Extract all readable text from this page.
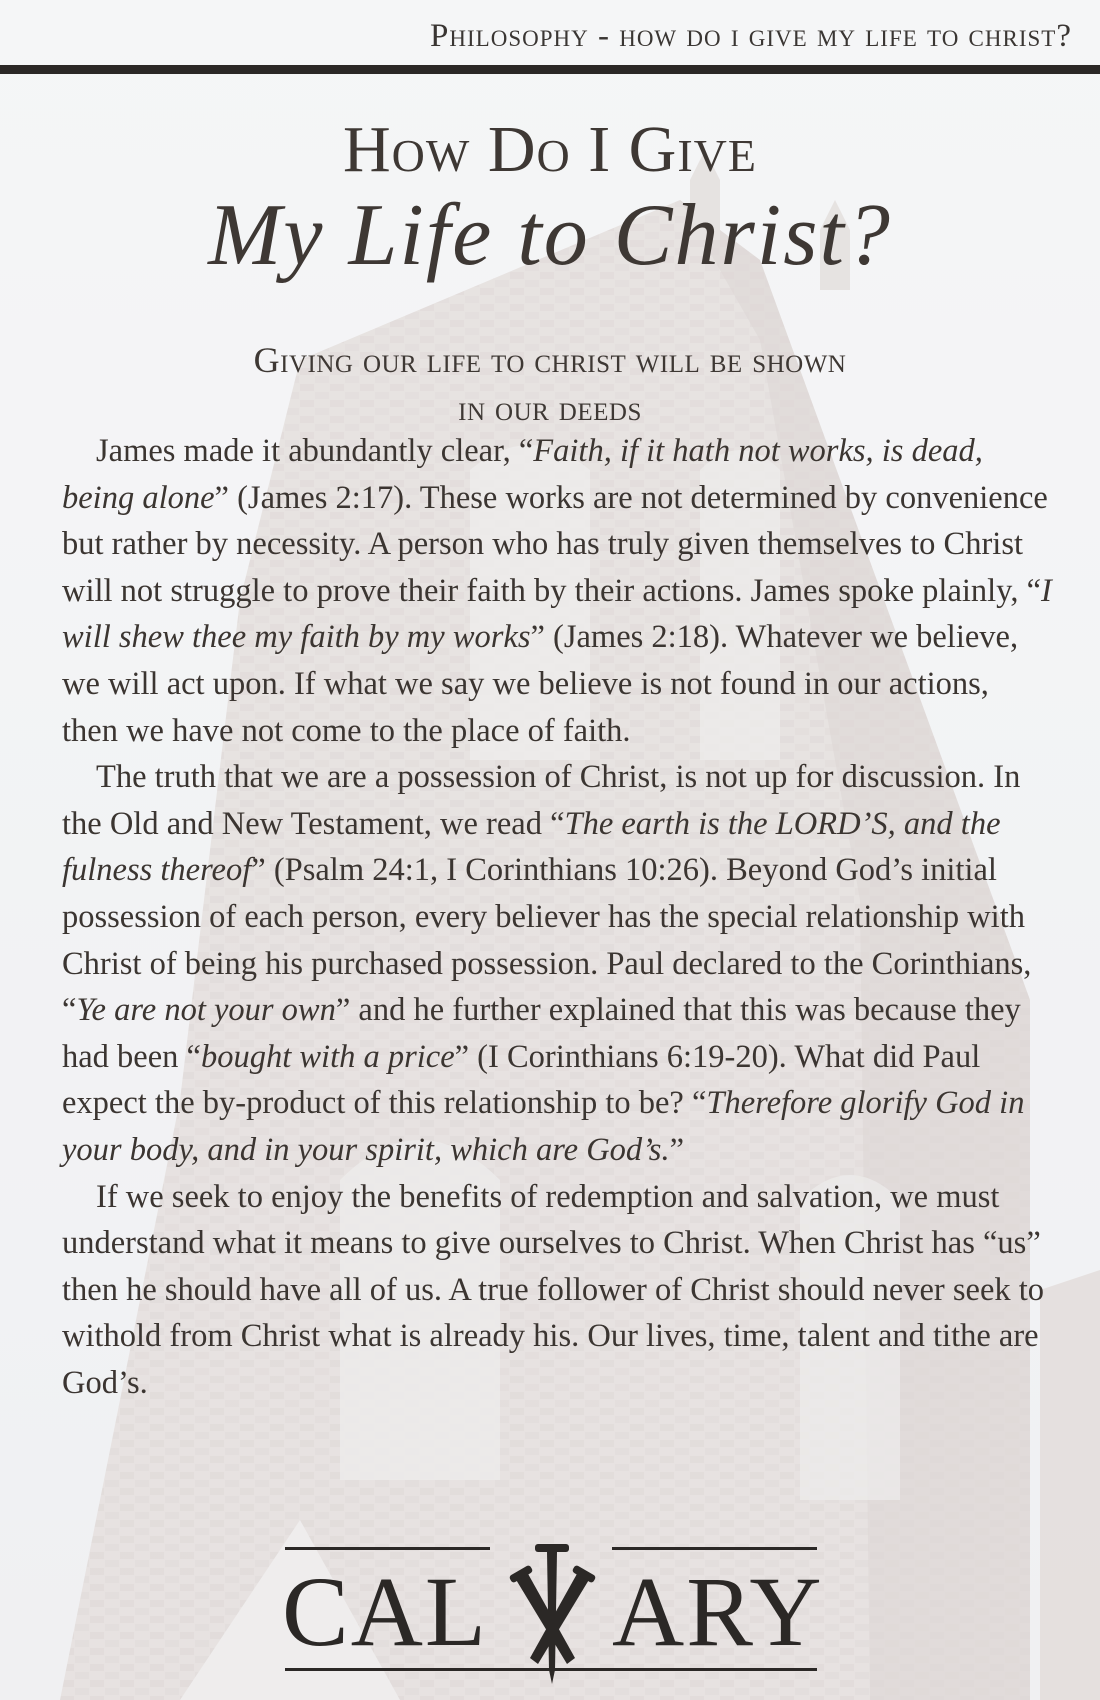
Philosophy - how do i give my life to christ?
How Do I Give
My Life to Christ?
Giving our life to christ will be shown
in our deeds

James made it abundantly clear, “Faith, if it hath not works, is dead, being alone” (James 2:17). These works are not determined by convenience but rather by necessity. A person who has truly given themselves to Christ will not struggle to prove their faith by their actions. James spoke plainly, “I will shew thee my faith by my works” (James 2:18). Whatever we believe, we will act upon. If what we say we believe is not found in our actions, then we have not come to the place of faith.

The truth that we are a possession of Christ, is not up for discussion. In the Old and New Testament, we read “The earth is the LORD’S, and the fulness thereof” (Psalm 24:1, I Corinthians 10:26). Beyond God’s initial possession of each person, every believer has the special relationship with Christ of being his purchased possession. Paul declared to the Corinthians, “Ye are not your own” and he further explained that this was because they had been “bought with a price” (I Corinthians 6:19-20). What did Paul expect the by-product of this relationship to be? “Therefore glorify God in your body, and in your spirit, which are God’s.”

If we seek to enjoy the benefits of redemption and salvation, we must understand what it means to give ourselves to Christ. When Christ has “us” then he should have all of us. A true follower of Christ should never seek to withold from Christ what is already his. Our lives, time, talent and tithe are God’s.

CAL ARY
